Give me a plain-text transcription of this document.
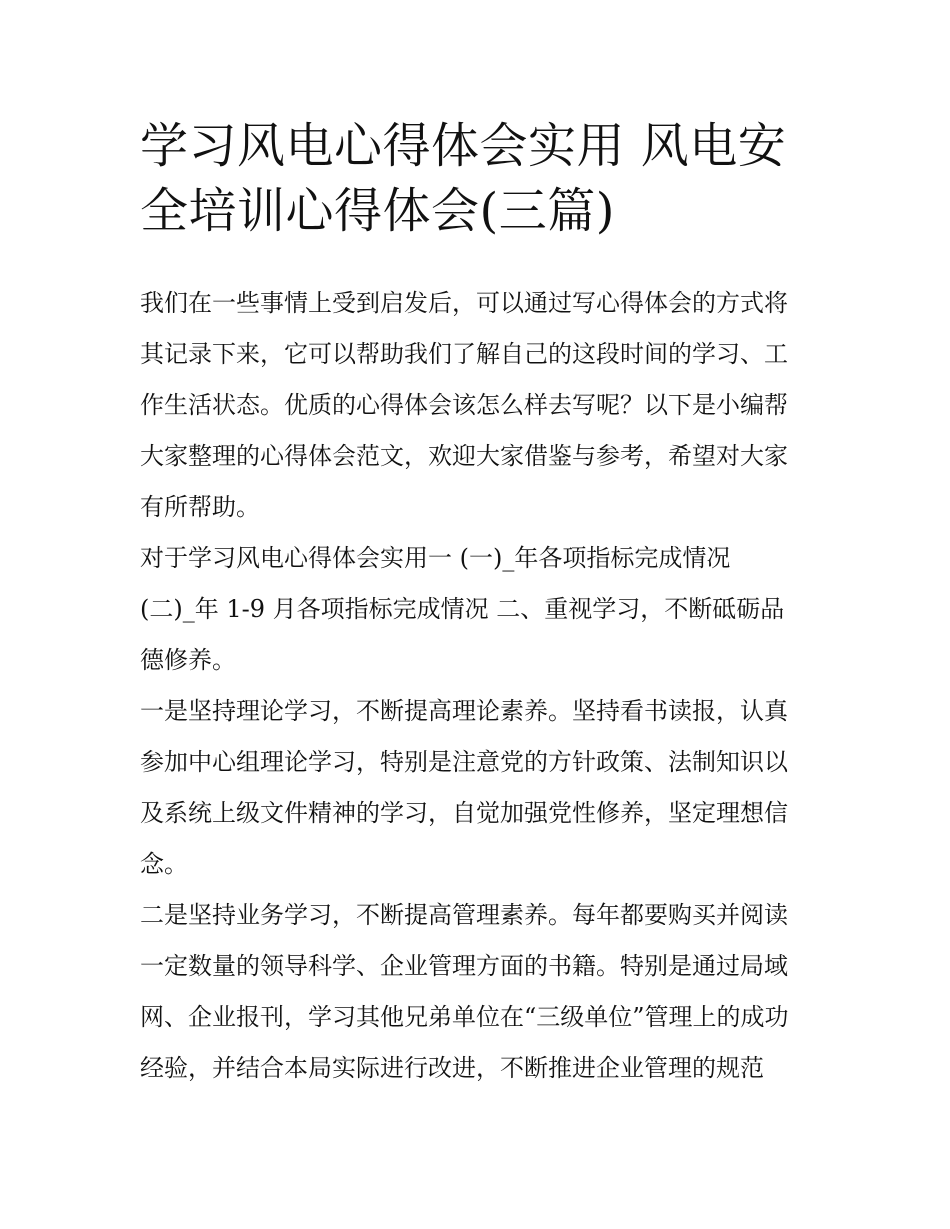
学习风电心得体会实用 风电安
全培训心得体会(三篇)
我们在一些事情上受到启发后，可以通过写心得体会的方式将
其记录下来，它可以帮助我们了解自己的这段时间的学习、工
作生活状态。优质的心得体会该怎么样去写呢？以下是小编帮
大家整理的心得体会范文，欢迎大家借鉴与参考，希望对大家
有所帮助。
对于学习风电心得体会实用一 (一)_年各项指标完成情况
(二)_年 1-9 月各项指标完成情况 二、重视学习，不断砥砺品
德修养。
一是坚持理论学习，不断提高理论素养。坚持看书读报，认真
参加中心组理论学习，特别是注意党的方针政策、法制知识以
及系统上级文件精神的学习，自觉加强党性修养，坚定理想信
念。
二是坚持业务学习，不断提高管理素养。每年都要购买并阅读
一定数量的领导科学、企业管理方面的书籍。特别是通过局域
网、企业报刊，学习其他兄弟单位在“三级单位”管理上的成功
经验，并结合本局实际进行改进，不断推进企业管理的规范
